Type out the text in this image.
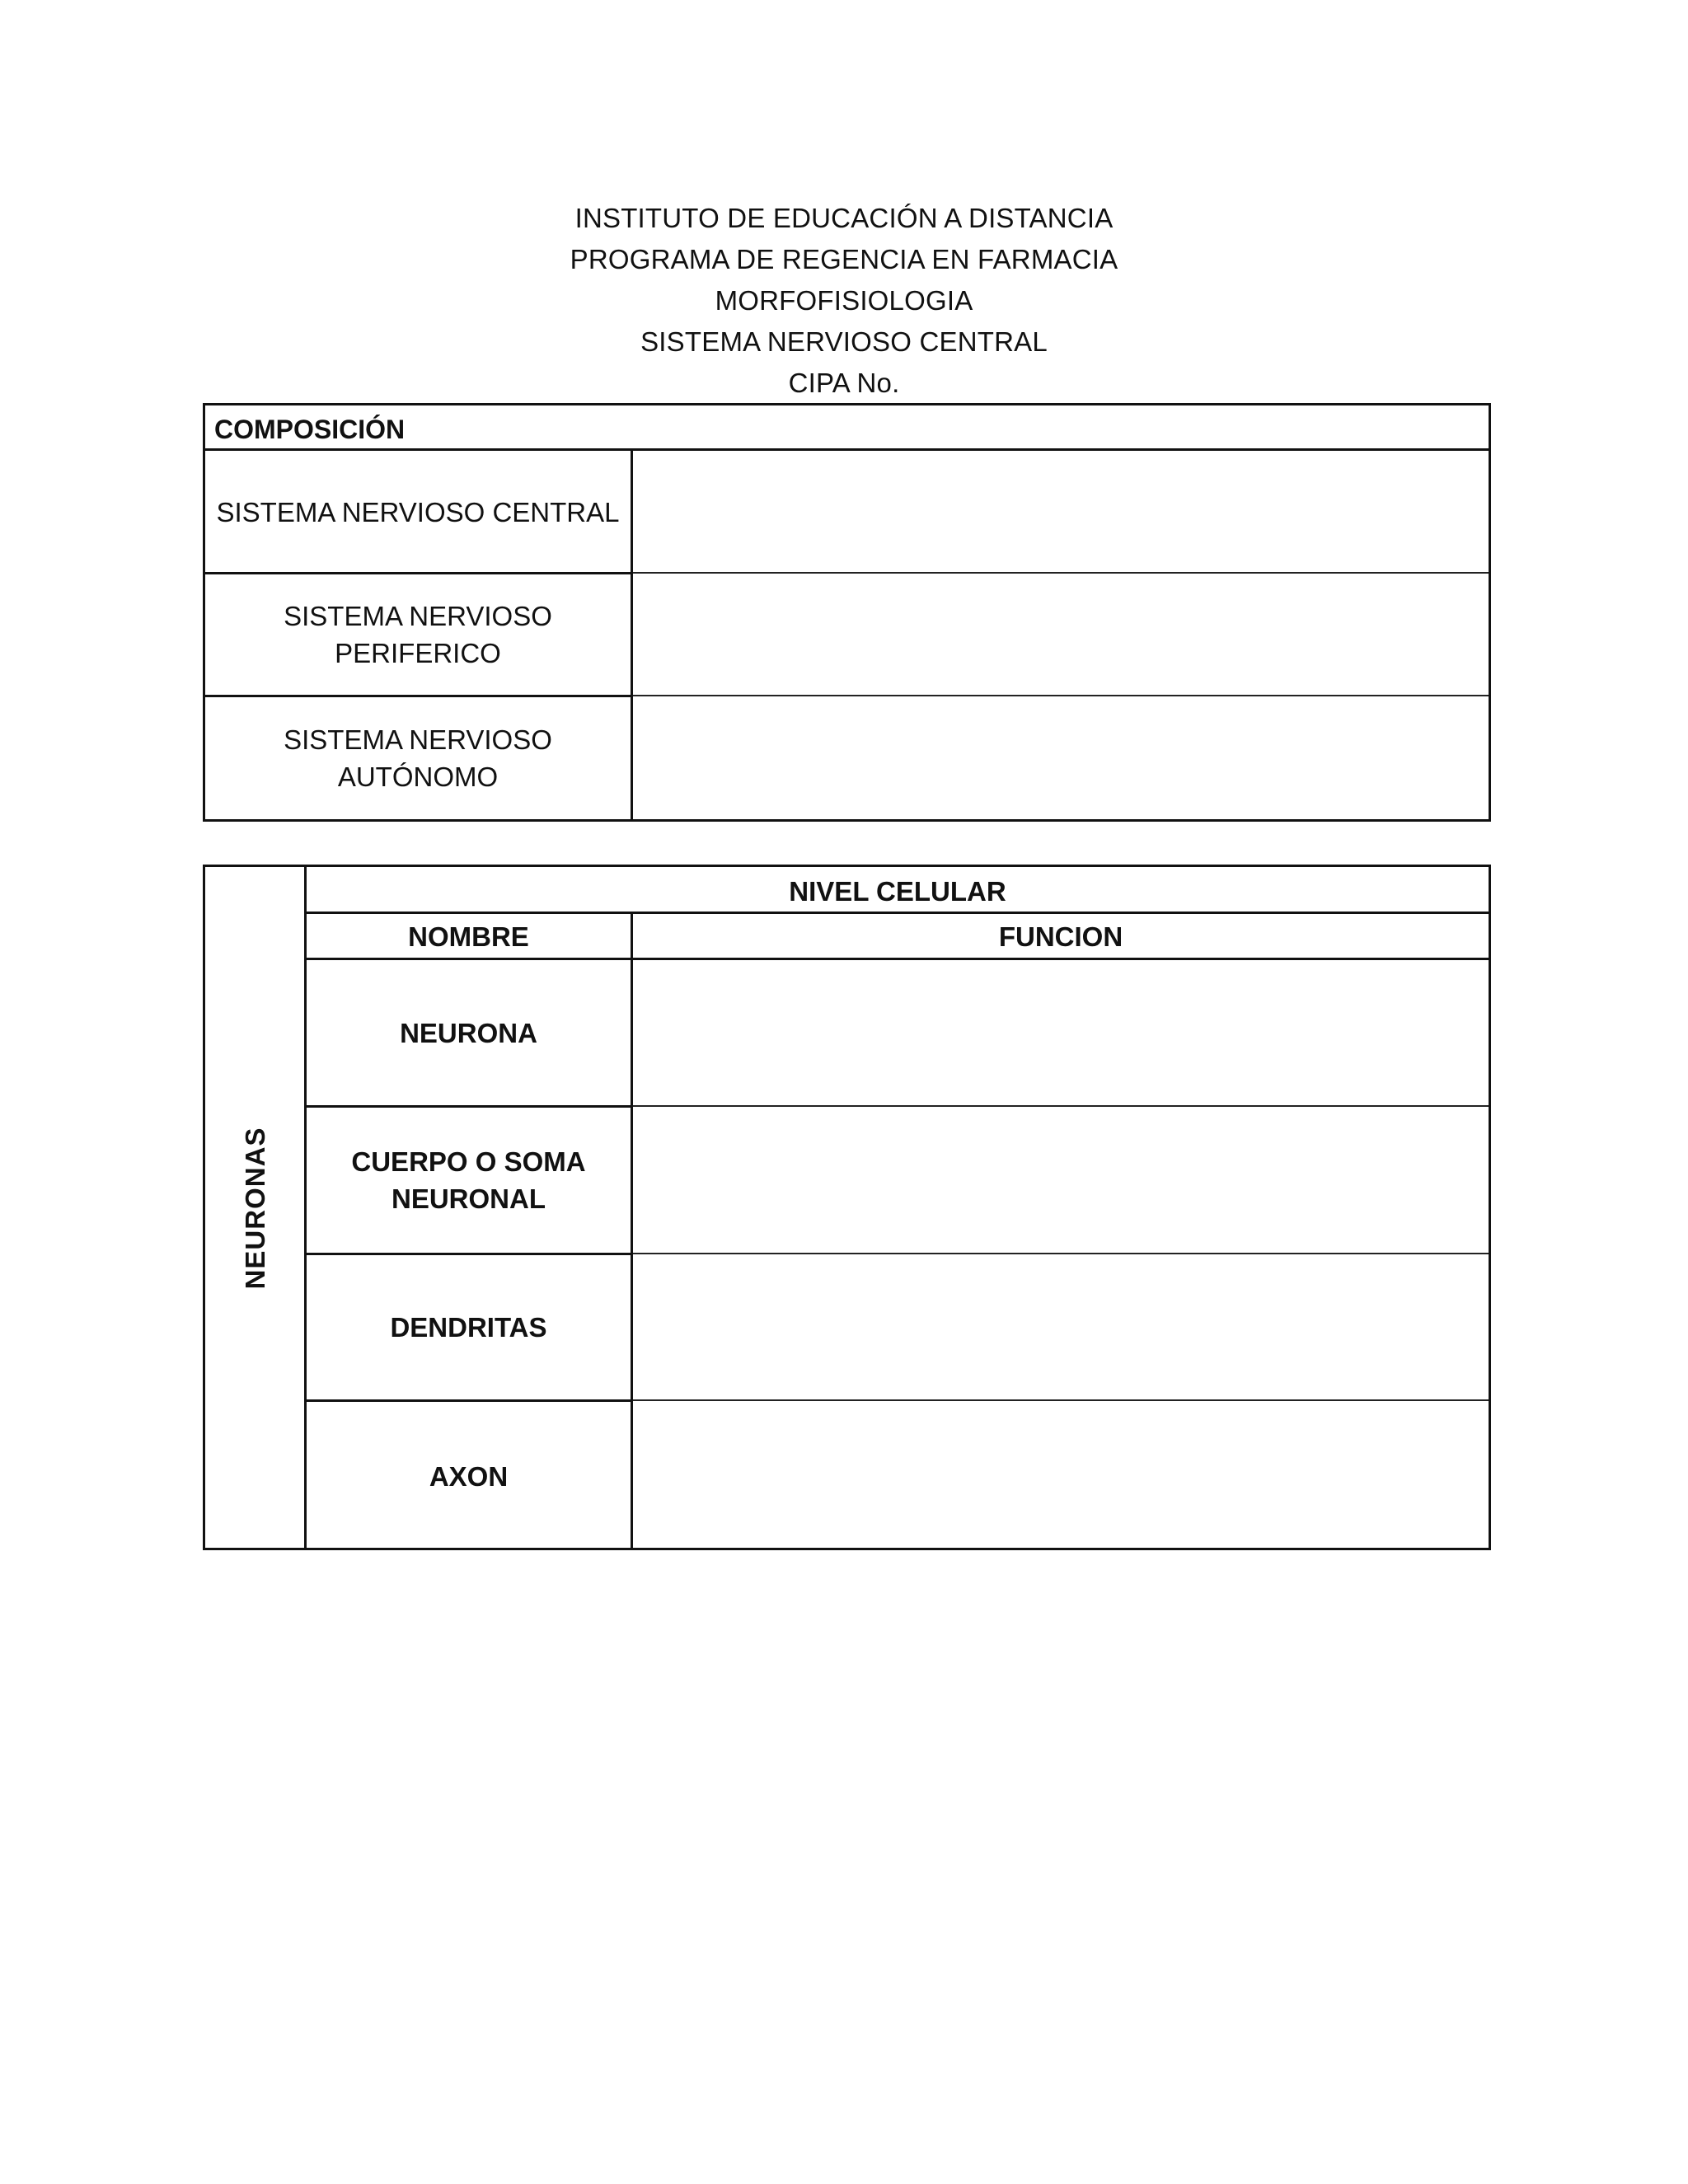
INSTITUTO DE EDUCACIÓN A DISTANCIA
PROGRAMA DE REGENCIA EN FARMACIA
MORFOFISIOLOGIA
SISTEMA NERVIOSO CENTRAL
CIPA No.
COMPOSICIÓN
SISTEMA NERVIOSO CENTRAL
SISTEMA NERVIOSO PERIFERICO
SISTEMA NERVIOSO AUTÓNOMO
NEURONAS
NIVEL CELULAR
NOMBRE	FUNCION
NEURONA
CUERPO O SOMA NEURONAL
DENDRITAS
AXON
